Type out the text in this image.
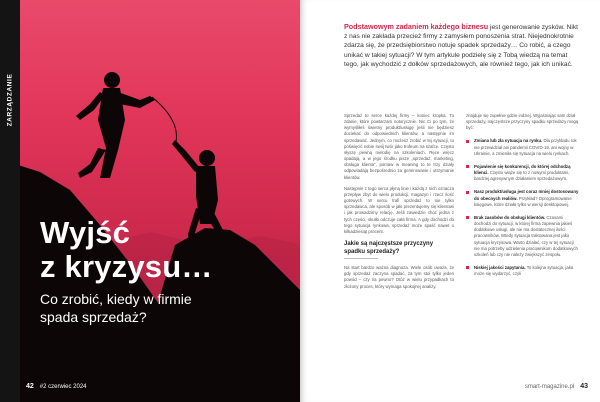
ZARZĄDZANIE
Wyjść
z kryzysu…
Co zrobić, kiedy w firmie
spada sprzedaż?
42 #2 czerwiec 2024

Podstawowym zadaniem każdego biznesu jest generowanie zysków. Nikt z nas nie zakłada przecież firmy z zamysłem ponoszenia strat. Niejednokrotnie zdarza się, że przedsiębiorstwo notuje spadek sprzedaży… Co robić, a czego unikać w takiej sytuacji? W tym artykule podzielę się z Tobą wiedzą na temat tego, jak wychodzić z dołków sprzedażowych, ale również tego, jak ich unikać.

Sprzedaż to serce każdej firmy – koniec kropka. To zdanie, które powtarzam notorycznie. Nic Ci po tym, że wymyśliłeś świetny produkt/usługę jeśli nie będziesz dociekać do odpowiednich klientów, a następnie im sprzedawać. Jednym, co możesz zrobić w tej sytuacji, to poświęcić sobie swój twór jako trofeum na szafce. Często słyszę pewną melodię na szkoleniach. Ręce wręcz opadają, a w jego środku pisze „sprzedaż, marketing, obsługa klienta”, pomaw w meaning to te trzy działy odpowiadają bezpośrednio za generowanie i utrzymanie klientów.

Następnie z tego serca płyną linie i każdą z nich oznacza przepływ zbyt do wielu produkcji, magazyn i rzecz ilość gotowych. W sercu trafi sprzedaż to nie tylko sprzedawca, ale sposób w jaki prezentujemy się klientowi i jak prowadzimy relację. Jeśli zawiedzie choć jedna z tych części, skutki odczuje cała firma. A gdy dochodzi do tego sytuacja rynkowa, sprzedaż może spaść nawet o kilkadziesiąt procent.

Jakie są najczęstsze przyczyny spadku sprzedaży?

Na start bardzo ważna diagnoza. Wiele osób uważa, że gdy sprzedaż zaczyna spadać, za tym stoi tylko jeden powód – czy na pewno? Otóż w wielu przypadkach to złożony proces, który wymaga spokojnej analizy.

znajduje się zupełnie gdzie indziej. Wyjaśniając sam dział sprzedaży, najczęstsze przyczyny spadku sprzedaży mogą być:

Zmiana lub zła sytuacja na rynku. Dla przykładu rok nie przewidział ani pandemii COVID-19, ani wojny w Ukrainie, a zmieniła się sytuacja na wielu rynkach.
Pojawienie się konkurencji, do której odchodzą klienci. Często wiąże się to z nowymi produktami, bardziej agresywnym działaniem sprzedażowym.
Nasz produkt/usługa jest coraz mniej dostosowany do obecnych realiów. Przykład? Oprogramowanie księgowe, które działa tylko w wersji desktopowej.
Brak zasobów do obsługi klientów. Czasami dochodzi do sytuacji, w której firma zapewnia jakieś dodatkowe usługi, ale nie ma dostatecznej ilości pracowników. Wtedy sytuacja traktowana jest jako sytuacja kryzysowa. Warto działać, czy w tej sytuacji nie ma potrzeby udzielenia pracownikom dodatkowych szkoleń lub czy nie należy zwiększyć zespołu.
Niskiej jakości zapytania. To kolejna sytuacja, jaka może się wydarzyć, czyli
smart-magazine.pl 43
